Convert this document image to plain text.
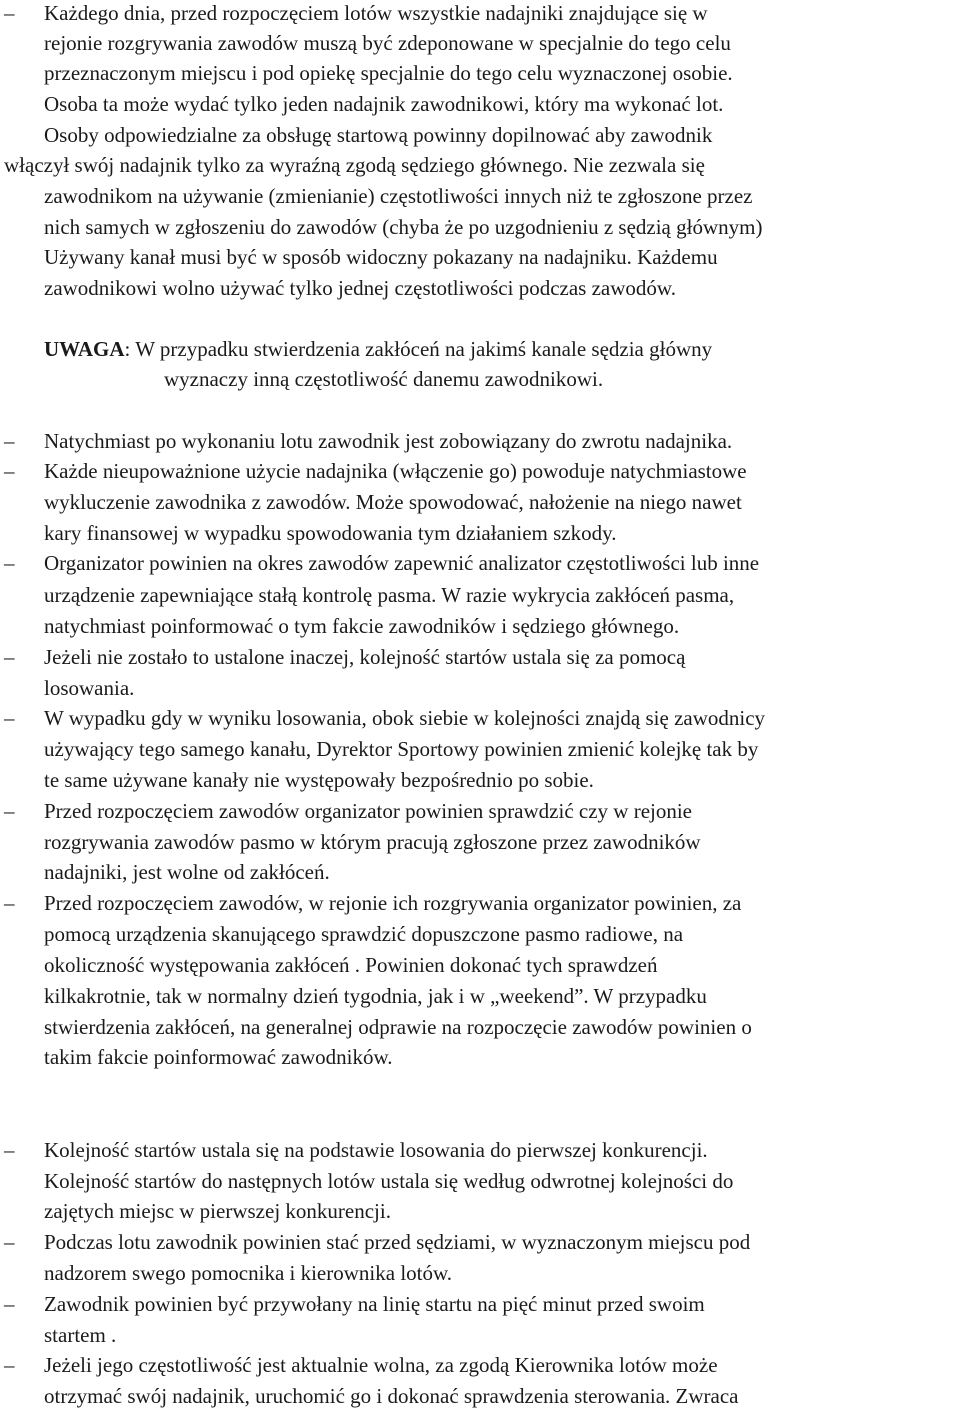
– Każdego dnia, przed rozpoczęciem lotów wszystkie nadajniki znajdujące się w
rejonie rozgrywania zawodów muszą być zdeponowane w specjalnie do tego celu
przeznaczonym miejscu i pod opiekę specjalnie do tego celu wyznaczonej osobie.
Osoba ta może wydać tylko jeden nadajnik zawodnikowi, który ma wykonać lot.
Osoby odpowiedzialne za obsługę startową powinny dopilnować aby zawodnik
włączył swój nadajnik tylko za wyraźną zgodą sędziego głównego. Nie zezwala się
zawodnikom na używanie (zmienianie) częstotliwości innych niż te zgłoszone przez
nich samych w zgłoszeniu do zawodów (chyba że po uzgodnieniu z sędzią głównym)
Używany kanał musi być w sposób widoczny pokazany na nadajniku. Każdemu
zawodnikowi wolno używać tylko jednej częstotliwości podczas zawodów.
UWAGA: W przypadku stwierdzenia zakłóceń na jakimś kanale sędzia główny
wyznaczy inną częstotliwość danemu zawodnikowi.
– Natychmiast po wykonaniu lotu zawodnik jest zobowiązany do zwrotu nadajnika.
– Każde nieupoważnione użycie nadajnika (włączenie go) powoduje natychmiastowe
wykluczenie zawodnika z zawodów. Może spowodować, nałożenie na niego nawet
kary finansowej w wypadku spowodowania tym działaniem szkody.
– Organizator powinien na okres zawodów zapewnić analizator częstotliwości lub inne
urządzenie zapewniające stałą kontrolę pasma. W razie wykrycia zakłóceń pasma,
natychmiast poinformować o tym fakcie zawodników i sędziego głównego.
– Jeżeli nie zostało to ustalone inaczej, kolejność startów ustala się za pomocą
losowania.
– W wypadku gdy w wyniku losowania, obok siebie w kolejności znajdą się zawodnicy
używający tego samego kanału, Dyrektor Sportowy powinien zmienić kolejkę tak by
te same używane kanały nie występowały bezpośrednio po sobie.
– Przed rozpoczęciem zawodów organizator powinien sprawdzić czy w rejonie
rozgrywania zawodów pasmo w którym pracują zgłoszone przez zawodników
nadajniki, jest wolne od zakłóceń.
– Przed rozpoczęciem zawodów, w rejonie ich rozgrywania organizator powinien, za
pomocą urządzenia skanującego sprawdzić dopuszczone pasmo radiowe, na
okoliczność występowania zakłóceń . Powinien dokonać tych sprawdzeń
kilkakrotnie, tak w normalny dzień tygodnia, jak i w „weekend”. W przypadku
stwierdzenia zakłóceń, na generalnej odprawie na rozpoczęcie zawodów powinien o
takim fakcie poinformować zawodników.
– Kolejność startów ustala się na podstawie losowania do pierwszej konkurencji.
Kolejność startów do następnych lotów ustala się według odwrotnej kolejności do
zajętych miejsc w pierwszej konkurencji.
– Podczas lotu zawodnik powinien stać przed sędziami, w wyznaczonym miejscu pod
nadzorem swego pomocnika i kierownika lotów.
– Zawodnik powinien być przywołany na linię startu na pięć minut przed swoim
startem .
– Jeżeli jego częstotliwość jest aktualnie wolna, za zgodą Kierownika lotów może
otrzymać swój nadajnik, uruchomić go i dokonać sprawdzenia sterowania. Zwraca
